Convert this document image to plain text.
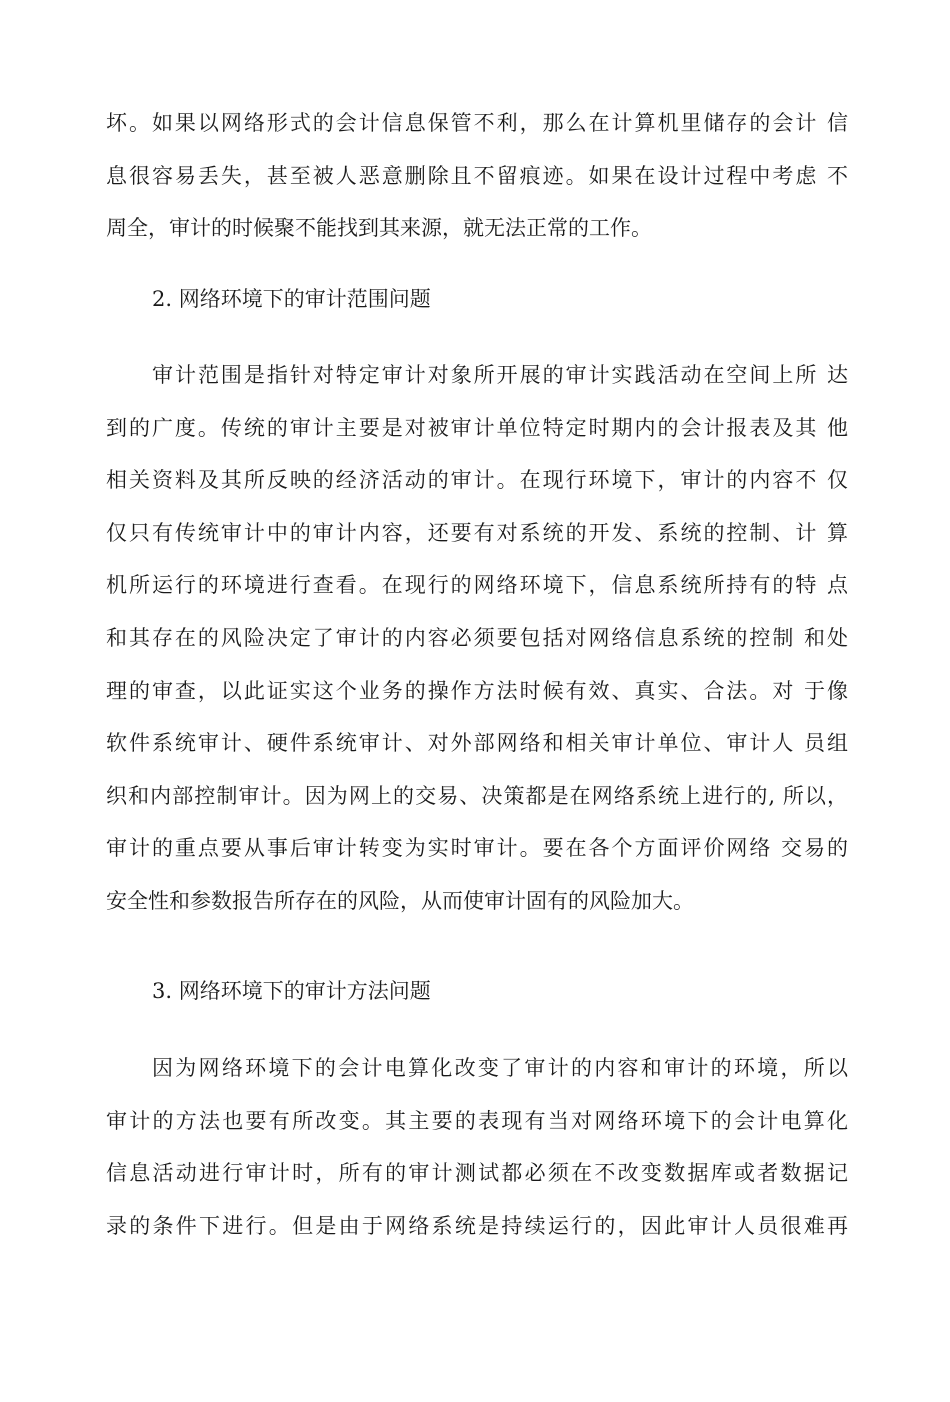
坏。如果以网络形式的会计信息保管不利，那么在计算机里储存的会计 信
息很容易丢失，甚至被人恶意删除且不留痕迹。如果在设计过程中考虑 不
周全，审计的时候聚不能找到其来源，就无法正常的工作。
2. 网络环境下的审计范围问题
审计范围是指针对特定审计对象所开展的审计实践活动在空间上所 达
到的广度。传统的审计主要是对被审计单位特定时期内的会计报表及其 他
相关资料及其所反映的经济活动的审计。在现行环境下，审计的内容不 仅
仅只有传统审计中的审计内容，还要有对系统的开发、系统的控制、计 算
机所运行的环境进行查看。在现行的网络环境下，信息系统所持有的特 点
和其存在的风险决定了审计的内容必须要包括对网络信息系统的控制 和处
理的审查，以此证实这个业务的操作方法时候有效、真实、合法。对 于像
软件系统审计、硬件系统审计、对外部网络和相关审计单位、审计人 员组
织和内部控制审计。因为网上的交易、决策都是在网络系统上进行的, 所以，
审计的重点要从事后审计转变为实时审计。要在各个方面评价网络 交易的
安全性和参数报告所存在的风险，从而使审计固有的风险加大。
3. 网络环境下的审计方法问题
因为网络环境下的会计电算化改变了审计的内容和审计的环境，所以
审计的方法也要有所改变。其主要的表现有当对网络环境下的会计电算化
信息活动进行审计时，所有的审计测试都必须在不改变数据库或者数据记
录的条件下进行。但是由于网络系统是持续运行的，因此审计人员很难再
